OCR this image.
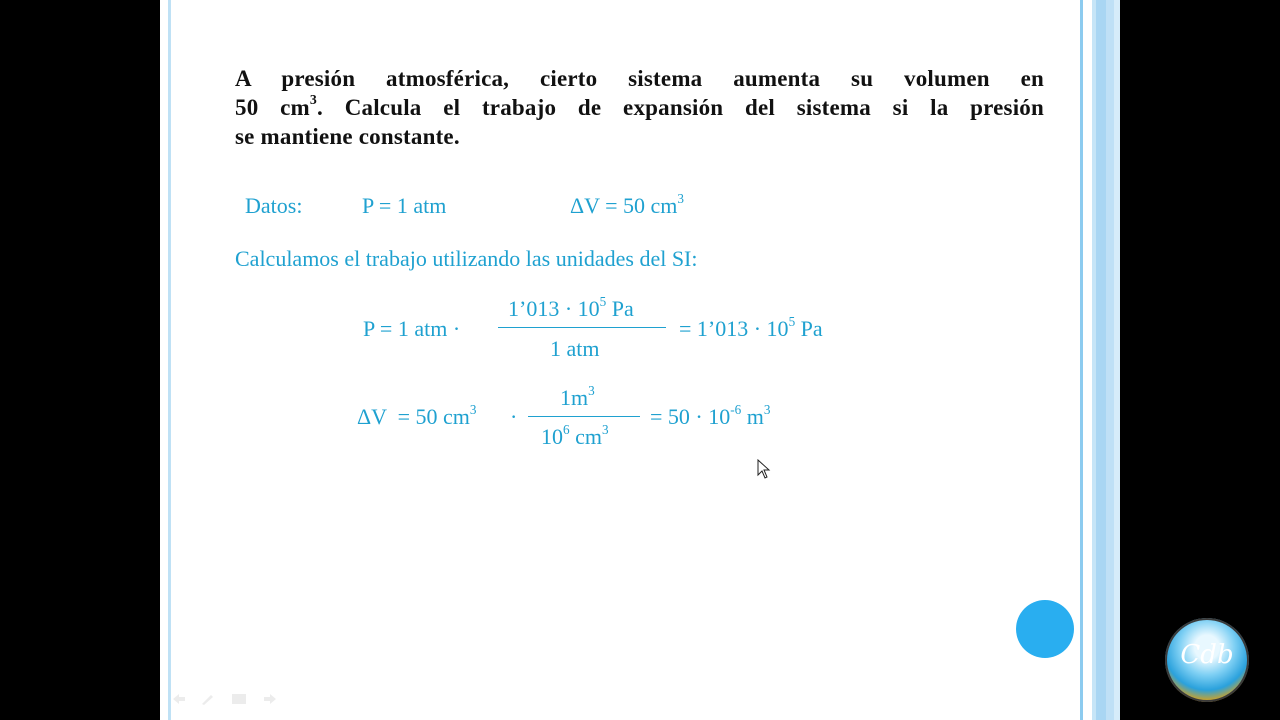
A presión atmosférica, cierto sistema aumenta su volumen en
50 $cm^3$. Calcula el trabajo de expansión del sistema si la presión
se mantiene constante.
Datos:	P = 1 atm	ΔV = 50 $cm^3$
Calculamos el trabajo utilizando las unidades del SI:
P = 1 atm ·
1’013 · $10^5$ Pa
1 atm
= 1’013 · $10^5$ Pa
ΔV  = 50 $cm^3$ ·
$1m^3$
$10^6$ $cm^3$
= $50 \cdot 10^{-6}$ $m^3$
Cdb
